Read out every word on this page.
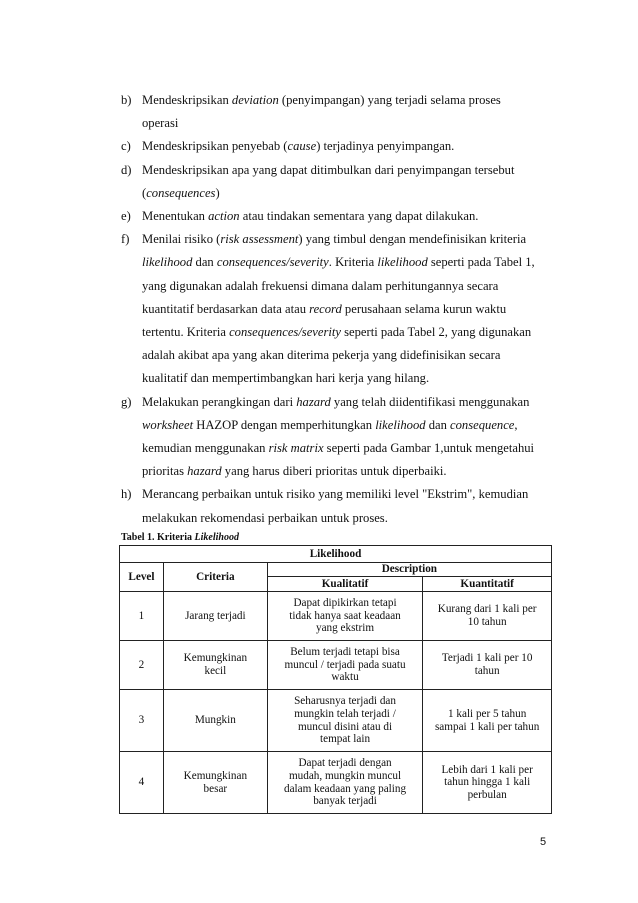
b) Mendeskripsikan deviation (penyimpangan) yang terjadi selama proses
operasi
c) Mendeskripsikan penyebab (cause) terjadinya penyimpangan.
d) Mendeskripsikan apa yang dapat ditimbulkan dari penyimpangan tersebut
(consequences)
e) Menentukan action atau tindakan sementara yang dapat dilakukan.
f) Menilai risiko (risk assessment) yang timbul dengan mendefinisikan kriteria
likelihood dan consequences/severity. Kriteria likelihood seperti pada Tabel 1,
yang digunakan adalah frekuensi dimana dalam perhitungannya secara
kuantitatif berdasarkan data atau record perusahaan selama kurun waktu
tertentu. Kriteria consequences/severity seperti pada Tabel 2, yang digunakan
adalah akibat apa yang akan diterima pekerja yang didefinisikan secara
kualitatif dan mempertimbangkan hari kerja yang hilang.
g) Melakukan perangkingan dari hazard yang telah diidentifikasi menggunakan
worksheet HAZOP dengan memperhitungkan likelihood dan consequence,
kemudian menggunakan risk matrix seperti pada Gambar 1,untuk mengetahui
prioritas hazard yang harus diberi prioritas untuk diperbaiki.
h) Merancang perbaikan untuk risiko yang memiliki level "Ekstrim", kemudian
melakukan rekomendasi perbaikan untuk proses.
Tabel 1. Kriteria Likelihood
Likelihood			
Level	Criteria	Description	
		Kualitatif	Kuantitatif
1	Jarang terjadi	Dapat dipikirkan tetapi
tidak hanya saat keadaan
yang ekstrim	Kurang dari 1 kali per
10 tahun
2	Kemungkinan
kecil	Belum terjadi tetapi bisa
muncul / terjadi pada suatu
waktu	Terjadi 1 kali per 10
tahun
3	Mungkin	Seharusnya terjadi dan
mungkin telah terjadi /
muncul disini atau di
tempat lain	1 kali per 5 tahun
sampai 1 kali per tahun
4	Kemungkinan
besar	Dapat terjadi dengan
mudah, mungkin muncul
dalam keadaan yang paling
banyak terjadi	Lebih dari 1 kali per
tahun hingga 1 kali
perbulan
5
